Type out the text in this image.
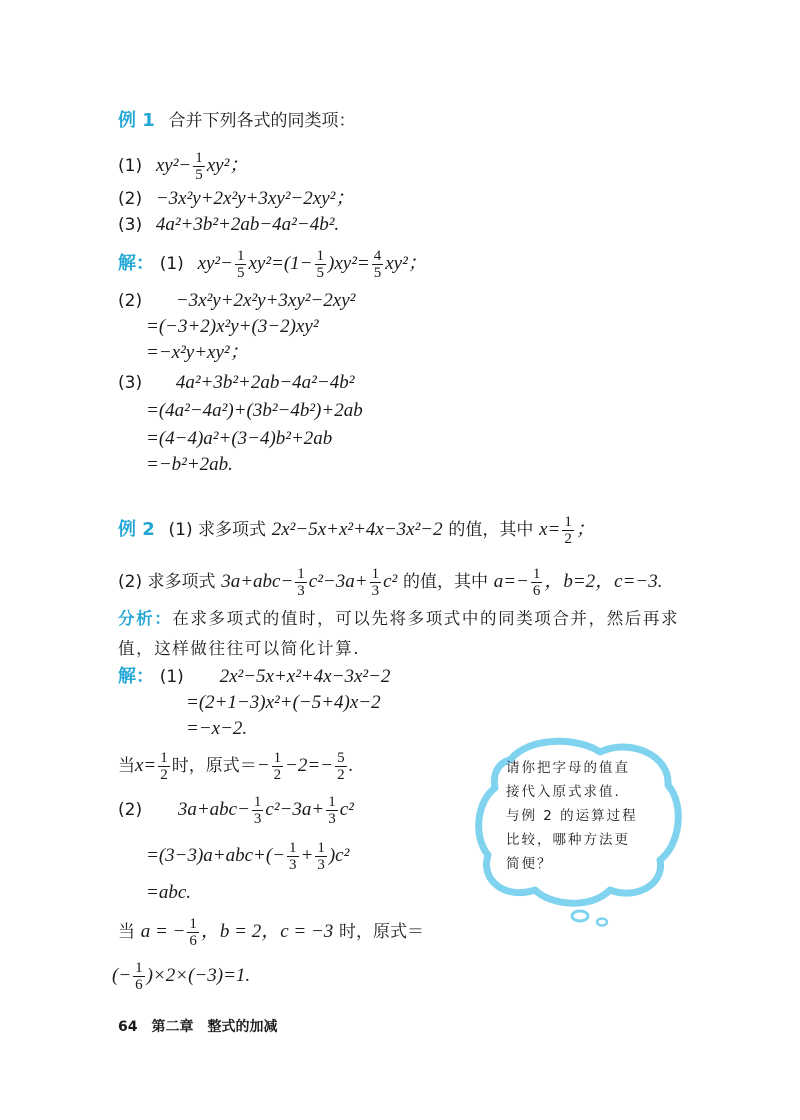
例 1 合并下列各式的同类项：
(1) $xy^2- \frac{1}{5} xy^2$；
(2) −3x²y+2x²y+3xy²−2xy²；
(3) 4a²+3b²+2ab−4a²−4b².
解： (1) $xy^2- \frac{1}{5} xy^2=(1- \frac{1}{5} )xy^2= \frac{4}{5} xy^2$；
(2) −3x²y+2x²y+3xy²−2xy²
=(−3+2)x²y+(3−2)xy²
=−x²y+xy²；
(3) 4a²+3b²+2ab−4a²−4b²
=(4a²−4a²)+(3b²−4b²)+2ab
=(4−4)a²+(3−4)b²+2ab
=−b²+2ab.
例 2 (1) 求多项式 2x²−5x+x²+4x−3x²−2 的值，其中 $x= \frac{1}{2}$ ；
(2) 求多项式 $3a+abc- \frac{1}{3} c^2-3a+ \frac{1}{3} c^2$ 的值，其中 $a=- \frac{1}{6}$ ，b=2，c=−3.
分析：在求多项式的值时，可以先将多项式中的同类项合并，然后再求值，这样做往往可以简化计算.
解： (1) 2x²−5x+x²+4x−3x²−2
=(2+1−3)x²+(−5+4)x−2
=−x−2.
当$x= \frac{1}{2}$ 时，原式＝− $\frac{1}{2} -2=- \frac{5}{2}$ .
(2) $3a+abc- \frac{1}{3} c^2-3a+ \frac{1}{3} c^2$
$=(3-3)a+abc+(- \frac{1}{3} + \frac{1}{3} )c^2$
=abc.
当 a = − $\frac{1}{6}$ ，b = 2，c = −3 时，原式＝
(− $\frac{1}{6} )\times 2\times(-3)=1$.
请你把字母的值直接代入原式求值. 与例 2 的运算过程比较，哪种方法更简便？
64 第二章 整式的加减
